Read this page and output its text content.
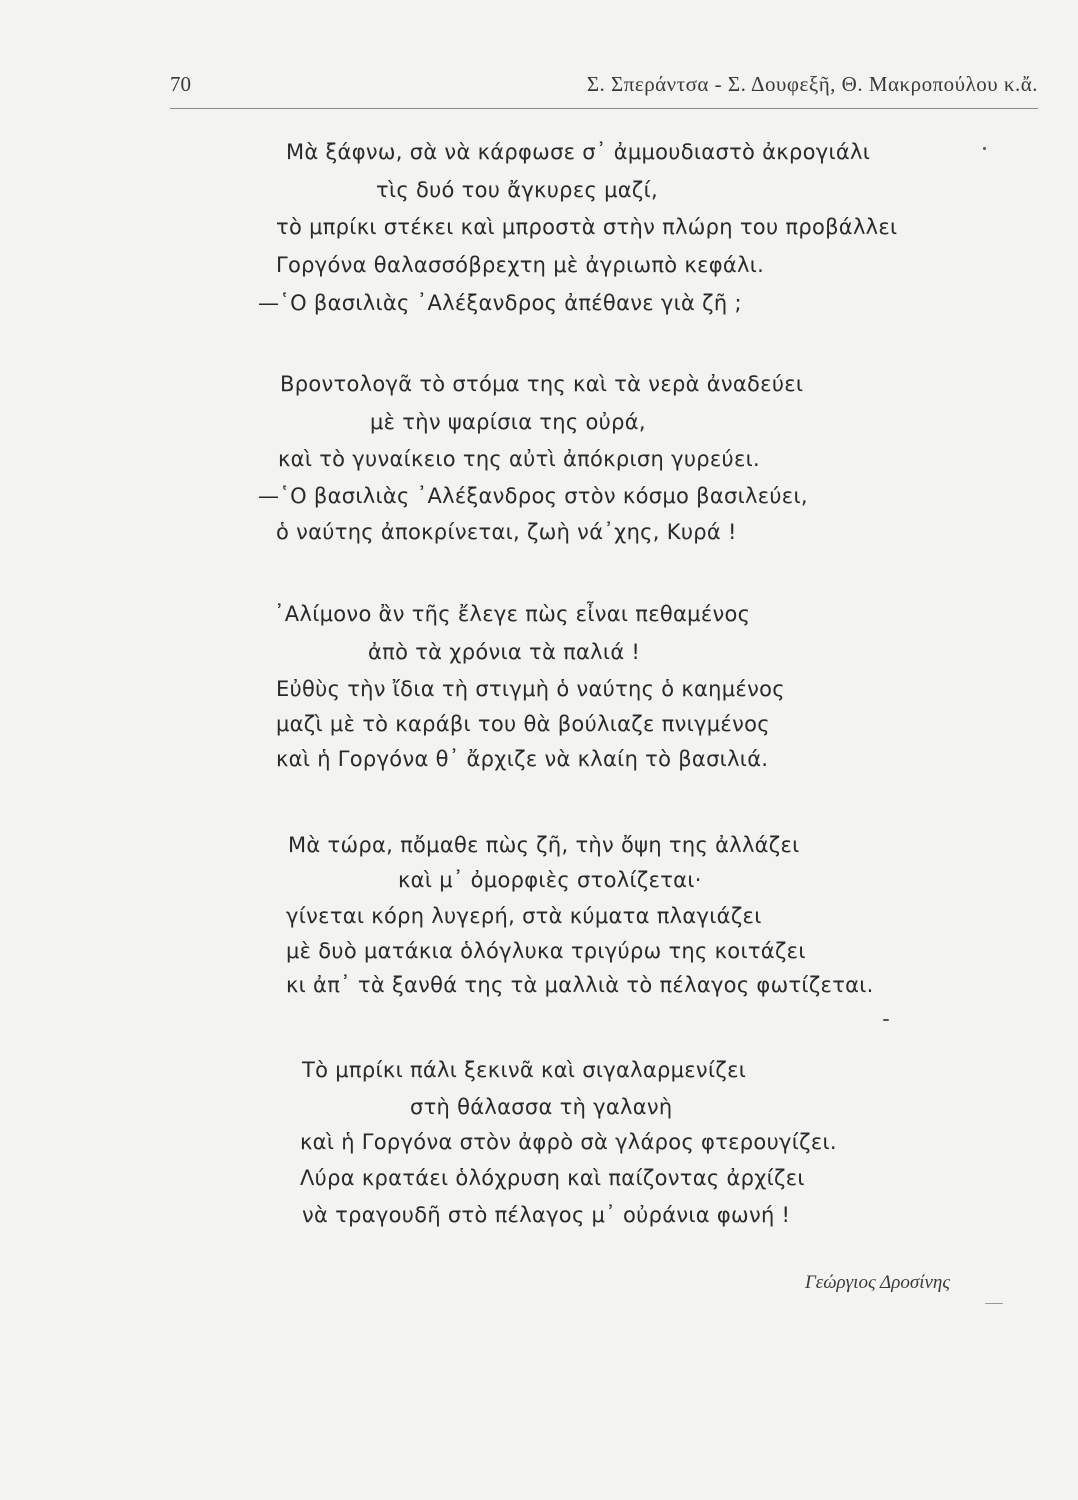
70	Σ. Σπεράντσα - Σ. Δουφεξῆ, Θ. Μακροπούλου κ.ἄ.
Μὰ ξάφνω, σὰ νὰ κάρφωσε σ᾽ ἀμμουδιαστὸ ἀκρογιάλι
τὶς δυό του ἄγκυρες μαζί,
τὸ μπρίκι στέκει καὶ μπροστὰ στὴν πλώρη του προβάλλει
Γοργόνα θαλασσόβρεχτη μὲ ἀγριωπὸ κεφάλι.
—῾Ο βασιλιὰς ᾽Αλέξανδρος ἀπέθανε γιὰ ζῆ ;
Βροντολογᾶ τὸ στόμα της καὶ τὰ νερὰ ἀναδεύει
μὲ τὴν ψαρίσια της οὐρά,
καὶ τὸ γυναίκειο της αὐτὶ ἀπόκριση γυρεύει.
—῾Ο βασιλιὰς ᾽Αλέξανδρος στὸν κόσμο βασιλεύει,
ὁ ναύτης ἀποκρίνεται, ζωὴ νά᾽χης, Κυρά !
᾽Αλίμονο ἂν τῆς ἔλεγε πὼς εἶναι πεθαμένος
ἀπὸ τὰ χρόνια τὰ παλιά !
Εὐθὺς τὴν ἴδια τὴ στιγμὴ ὁ ναύτης ὁ καημένος
μαζὶ μὲ τὸ καράβι του θὰ βούλιαζε πνιγμένος
καὶ ἡ Γοργόνα θ᾽ ἄρχιζε νὰ κλαίη τὸ βασιλιά.
Μὰ τώρα, πὄμαθε πὼς ζῆ, τὴν ὄψη της ἀλλάζει
καὶ μ᾽ ὀμορφιὲς στολίζεται·
γίνεται κόρη λυγερή, στὰ κύματα πλαγιάζει
μὲ δυὸ ματάκια ὁλόγλυκα τριγύρω της κοιτάζει
κι ἀπ᾽ τὰ ξανθά της τὰ μαλλιὰ τὸ πέλαγος φωτίζεται.
Τὸ μπρίκι πάλι ξεκινᾶ καὶ σιγαλαρμενίζει
στὴ θάλασσα τὴ γαλανὴ
καὶ ἡ Γοργόνα στὸν ἀφρὸ σὰ γλάρος φτερουγίζει.
Λύρα κρατάει ὁλόχρυση καὶ παίζοντας ἀρχίζει
νὰ τραγουδῆ στὸ πέλαγος μ᾽ οὐράνια φωνή !
Γεώργιος Δροσίνης
